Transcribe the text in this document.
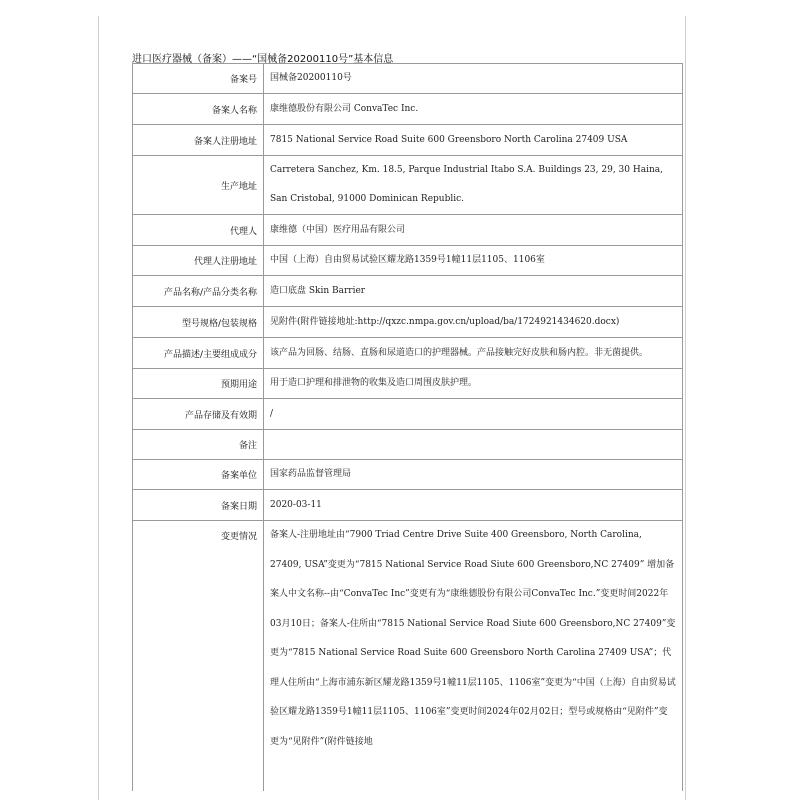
进口医疗器械（备案）——“国械备20200110号”基本信息
备案号	国械备20200110号
备案人名称	康维德股份有限公司 ConvaTec Inc.
备案人注册地址	7815 National Service Road Suite 600 Greensboro North Carolina 27409 USA
生产地址	Carretera Sanchez, Km. 18.5, Parque Industrial Itabo S.A. Buildings 23, 29, 30 Haina, San Cristobal, 91000 Dominican Republic.
代理人	康维德（中国）医疗用品有限公司
代理人注册地址	中国（上海）自由贸易试验区耀龙路1359号1幢11层1105、1106室
产品名称/产品分类名称	造口底盘 Skin Barrier
型号规格/包装规格	见附件(附件链接地址:http://qxzc.nmpa.gov.cn/upload/ba/1724921434620.docx)
产品描述/主要组成成分	该产品为回肠、结肠、直肠和尿道造口的护理器械。产品接触完好皮肤和肠内腔。非无菌提供。
预期用途	用于造口护理和排泄物的收集及造口周围皮肤护理。
产品存储及有效期	/
备注	
备案单位	国家药品监督管理局
备案日期	2020-03-11
变更情况	备案人-注册地址由“7900 Triad Centre Drive Suite 400 Greensboro, North Carolina, 27409, USA”变更为“7815 National Service Road Siute 600 Greensboro,NC 27409” 增加备案人中文名称--由“ConvaTec Inc”变更有为“康维德股份有限公司ConvaTec Inc.”变更时间2022年03月10日；备案人-住所由“7815 National Service Road Siute 600 Greensboro,NC 27409”变更为“7815 National Service Road Suite 600 Greensboro North Carolina 27409 USA”；代理人住所由“上海市浦东新区耀龙路1359号1幢11层1105、1106室”变更为“中国（上海）自由贸易试验区耀龙路1359号1幢11层1105、1106室”变更时间2024年02月02日；型号或规格由“见附件”变更为“见附件”(附件链接地
